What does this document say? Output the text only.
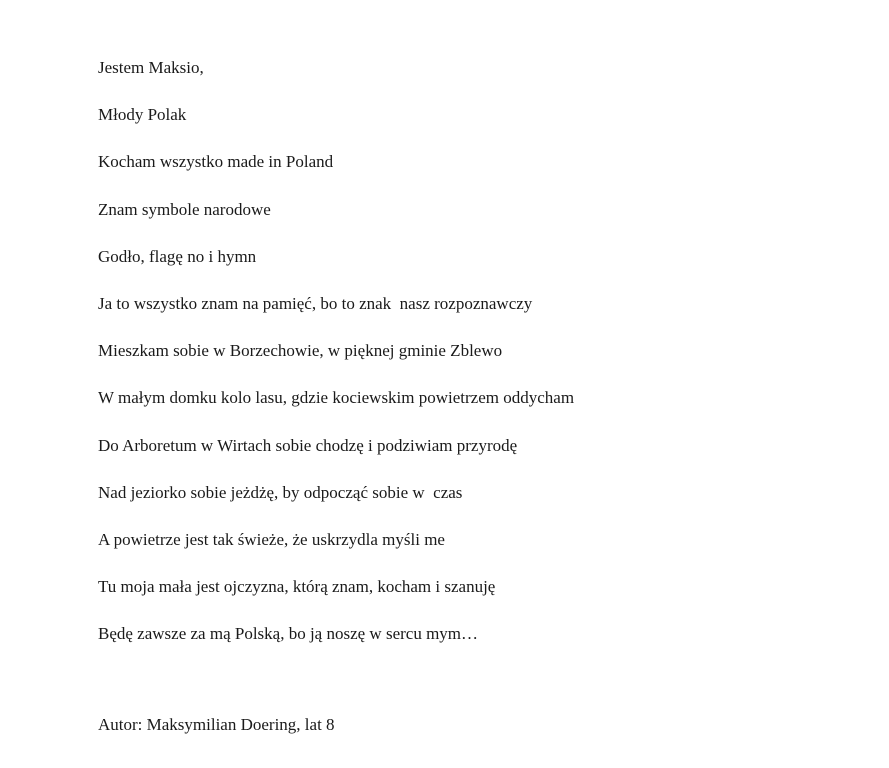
Jestem Maksio,
Młody Polak
Kocham wszystko made in Poland
Znam symbole narodowe
Godło, flagę no i hymn
Ja to wszystko znam na pamięć, bo to znak  nasz rozpoznawczy
Mieszkam sobie w Borzechowie, w pięknej gminie Zblewo
W małym domku kolo lasu, gdzie kociewskim powietrzem oddycham
Do Arboretum w Wirtach sobie chodzę i podziwiam przyrodę
Nad jeziorko sobie jeżdżę, by odpocząć sobie w  czas
A powietrze jest tak świeże, że uskrzydla myśli me
Tu moja mała jest ojczyzna, którą znam, kocham i szanuję
Będę zawsze za mą Polską, bo ją noszę w sercu mym…

Autor: Maksymilian Doering, lat 8
